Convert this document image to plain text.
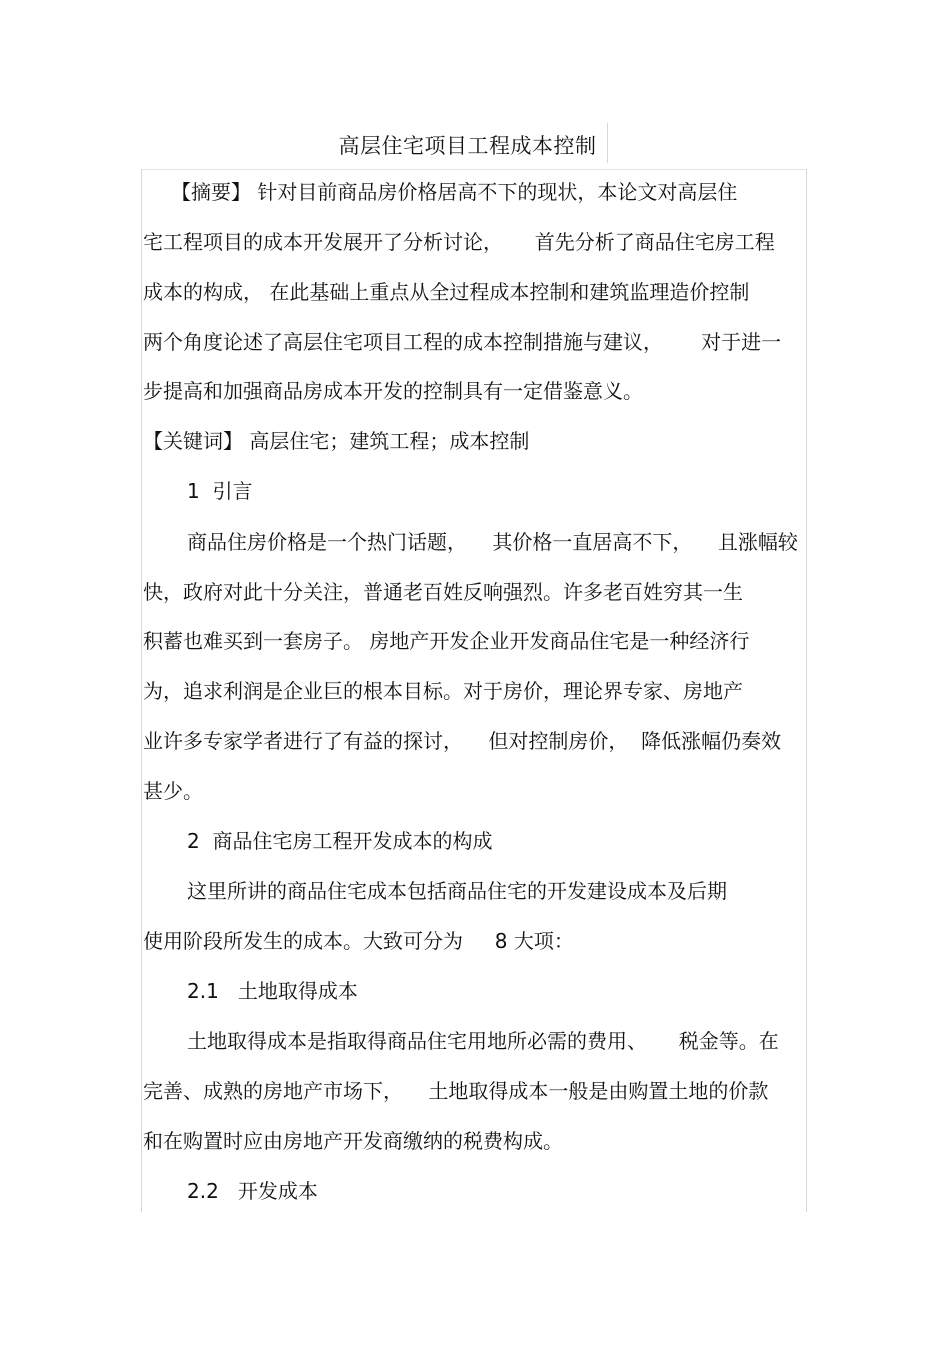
高层住宅项目工程成本控制
【摘要】 针对目前商品房价格居高不下的现状，本论文对高层住
宅工程项目的成本开发展开了分析讨论，     首先分析了商品住宅房工程
成本的构成， 在此基础上重点从全过程成本控制和建筑监理造价控制
两个角度论述了高层住宅项目工程的成本控制措施与建议，      对于进一
步提高和加强商品房成本开发的控制具有一定借鉴意义。
【关键词】 高层住宅；建筑工程；成本控制
1  引言
商品住房价格是一个热门话题，    其价格一直居高不下，    且涨幅较
快，政府对此十分关注，普通老百姓反响强烈。许多老百姓穷其一生
积蓄也难买到一套房子。 房地产开发企业开发商品住宅是一种经济行
为，追求利润是企业巨的根本目标。对于房价，理论界专家、房地产
业许多专家学者进行了有益的探讨，    但对控制房价，  降低涨幅仍奏效
甚少。
2  商品住宅房工程开发成本的构成
这里所讲的商品住宅成本包括商品住宅的开发建设成本及后期
使用阶段所发生的成本。大致可分为     8 大项：
2.1   土地取得成本
土地取得成本是指取得商品住宅用地所必需的费用、     税金等。在
完善、成熟的房地产市场下，    土地取得成本一般是由购置土地的价款
和在购置时应由房地产开发商缴纳的税费构成。
2.2   开发成本
